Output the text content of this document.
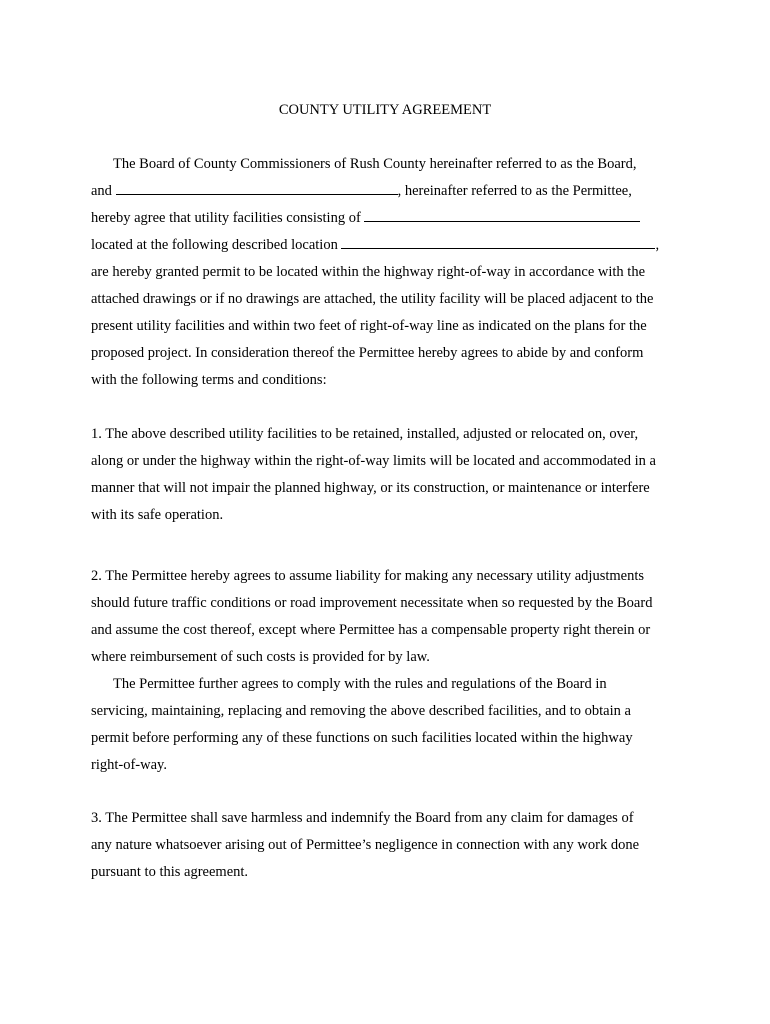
COUNTY UTILITY AGREEMENT
The Board of County Commissioners of Rush County hereinafter referred to as the Board,
and	, hereinafter referred to as the Permittee,
hereby agree that utility facilities consisting of
located at the following described location	,
are hereby granted permit to be located within the highway right-of-way in accordance with the
attached drawings or if no drawings are attached, the utility facility will be placed adjacent to the
present utility facilities and within two feet of right-of-way line as indicated on the plans for the
proposed project. In consideration thereof the Permittee hereby agrees to abide by and conform
with the following terms and conditions:
1. The above described utility facilities to be retained, installed, adjusted or relocated on, over,
along or under the highway within the right-of-way limits will be located and accommodated in a
manner that will not impair the planned highway, or its construction, or maintenance or interfere
with its safe operation.
2. The Permittee hereby agrees to assume liability for making any necessary utility adjustments
should future traffic conditions or road improvement necessitate when so requested by the Board
and assume the cost thereof, except where Permittee has a compensable property right therein or
where reimbursement of such costs is provided for by law.
The Permittee further agrees to comply with the rules and regulations of the Board in
servicing, maintaining, replacing and removing the above described facilities, and to obtain a
permit before performing any of these functions on such facilities located within the highway
right-of-way.
3. The Permittee shall save harmless and indemnify the Board from any claim for damages of
any nature whatsoever arising out of Permittee’s negligence in connection with any work done
pursuant to this agreement.
